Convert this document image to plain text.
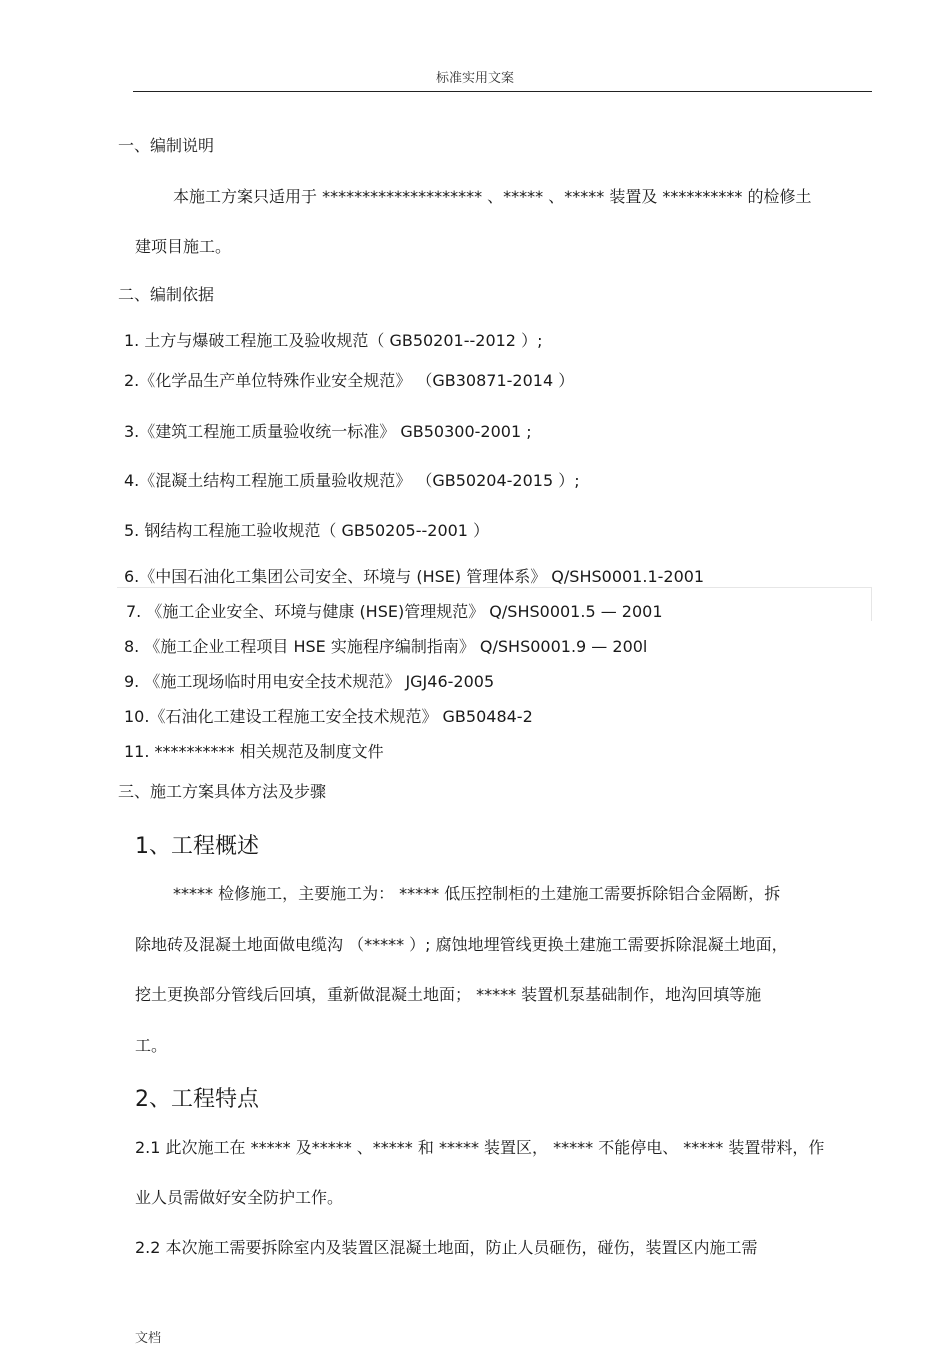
标准实用文案
一、编制说明
本施工方案只适用于 ******************** 、***** 、***** 装置及 ********** 的检修土
建项目施工。
二、编制依据
1. 土方与爆破工程施工及验收规范（ GB50201--2012 ）;
2.《化学品生产单位特殊作业安全规范》 （GB30871-2014 ）
3.《建筑工程施工质量验收统一标准》 GB50300-2001 ;
4.《混凝土结构工程施工质量验收规范》 （GB50204-2015 ）;
5. 钢结构工程施工验收规范（ GB50205--2001 ）
6.《中国石油化工集团公司安全、环境与 (HSE) 管理体系》 Q/SHS0001.1-2001
7. 《施工企业安全、环境与健康 (HSE)管理规范》 Q/SHS0001.5 — 2001
8. 《施工企业工程项目 HSE 实施程序编制指南》 Q/SHS0001.9 — 200l
9. 《施工现场临时用电安全技术规范》 JGJ46-2005
10.《石油化工建设工程施工安全技术规范》 GB50484-2
11. ********** 相关规范及制度文件
三、施工方案具体方法及步骤
1、工程概述
***** 检修施工，主要施工为： ***** 低压控制柜的土建施工需要拆除铝合金隔断，拆
除地砖及混凝土地面做电缆沟 （***** ）; 腐蚀地埋管线更换土建施工需要拆除混凝土地面，
挖土更换部分管线后回填，重新做混凝土地面； ***** 装置机泵基础制作，地沟回填等施
工。
2、工程特点
2.1 此次施工在 ***** 及***** 、***** 和 ***** 装置区， ***** 不能停电、 ***** 装置带料，作
业人员需做好安全防护工作。
2.2 本次施工需要拆除室内及装置区混凝土地面，防止人员砸伤，碰伤，装置区内施工需
文档
